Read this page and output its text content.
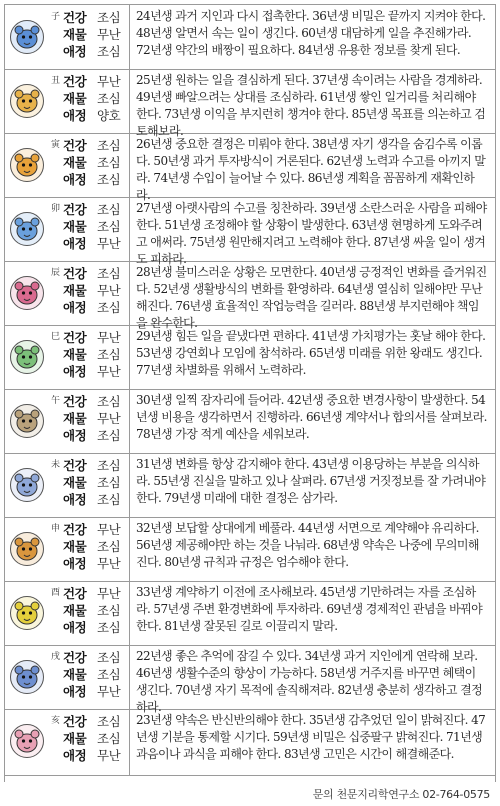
子 건강 조심
재물 무난
애정 조심

24년생 과거 지인과 다시 접촉한다. 36년생 비밀은 끝까지 지켜야 한다. 48년생 알면서 속는 일이 생긴다. 60년생 대담하게 일을 추진해가라. 72년생 약간의 배짱이 필요하다. 84년생 유용한 정보를 찾게 된다.

丑 건강 무난
재물 조심
애정 양호

25년생 원하는 일을 결심하게 된다. 37년생 속이려는 사람을 경계하라. 49년생 빠알으려는 상대를 조심하라. 61년생 쌓인 일거리를 처리해야 한다. 73년생 이익을 부지런히 챙겨야 한다. 85년생 목표를 의논하고 검토해보라.

寅 건강 조심
재물 조심
애정 조심

26년생 중요한 결정은 미뤄야 한다. 38년생 자기 생각을 숨김수록 이롭다. 50년생 과거 투자방식이 거론된다. 62년생 노력과 수고를 아끼지 말라. 74년생 수입이 늘어날 수 있다. 86년생 계획을 꼼꼼하게 재확인하라.

卯 건강 조심
재물 조심
애정 무난

27년생 아랫사람의 수고를 칭찬하라. 39년생 소란스러운 사람을 피해야 한다. 51년생 조정해야 할 상황이 발생한다. 63년생 현명하게 도와주려고 애써라. 75년생 원만해지려고 노력해야 한다. 87년생 싸울 일이 생겨도 피하라.

辰 건강 조심
재물 무난
애정 조심

28년생 불미스러운 상황은 모면한다. 40년생 긍정적인 변화를 즐거워진다. 52년생 생활방식의 변화를 환영하라. 64년생 열심히 일해야만 무난해진다. 76년생 효율적인 작업능력을 길러라. 88년생 부지런해야 책임을 완수한다.

巳 건강 무난
재물 조심
애정 무난

29년생 힘든 일을 끝냈다면 편하다. 41년생 가치평가는 홋날 해야 한다. 53년생 강연회나 모임에 참석하라. 65년생 미래를 위한 왕래도 생긴다. 77년생 차별화를 위해서 노력하라.

午 건강 조심
재물 무난
애정 조심

30년생 일찍 잠자리에 들어라. 42년생 중요한 변경사항이 발생한다. 54년생 비용을 생각하면서 진행하라. 66년생 계약서나 합의서를 살펴보라. 78년생 가장 적게 예산을 세워보라.

未 건강 조심
재물 조심
애정 조심

31년생 변화를 항상 감지해야 한다. 43년생 이용당하는 부분을 의식하라. 55년생 진실을 말하고 있나 살펴라. 67년생 거짓정보를 잘 가려내야 한다. 79년생 미래에 대한 결정은 삼가라.

申 건강 무난
재물 조심
애정 무난

32년생 보답할 상대에게 베풀라. 44년생 서면으로 계약해야 유리하다. 56년생 제공해야만 하는 것을 나눠라. 68년생 약속은 나중에 무의미해진다. 80년생 규칙과 규정은 엄수해야 한다.

酉 건강 무난
재물 조심
애정 조심

33년생 계약하기 이전에 조사해보라. 45년생 기만하려는 자를 조심하라. 57년생 주변 환경변화에 투자하라. 69년생 경제적인 관념을 바꿔야 한다. 81년생 잘못된 길로 이끌리지 말라.

戌 건강 조심
재물 조심
애정 무난

22년생 좋은 추억에 잠길 수 있다. 34년생 과거 지인에게 연락해 보라. 46년생 생활수준의 향상이 가능하다. 58년생 거주지를 바꾸면 혜택이 생긴다. 70년생 자기 목적에 솔직해져라. 82년생 충분히 생각하고 결정하라.

亥 건강 조심
재물 조심
애정 무난

23년생 약속은 반신반의해야 한다. 35년생 감추었던 일이 밝혀진다. 47년생 기분을 통제할 시기다. 59년생 비밀은 십중팔구 밝혀진다. 71년생 과음이나 과식을 피해야 한다. 83년생 고민은 시간이 해결해준다.

문의 천문지리학연구소 02-764-0575
